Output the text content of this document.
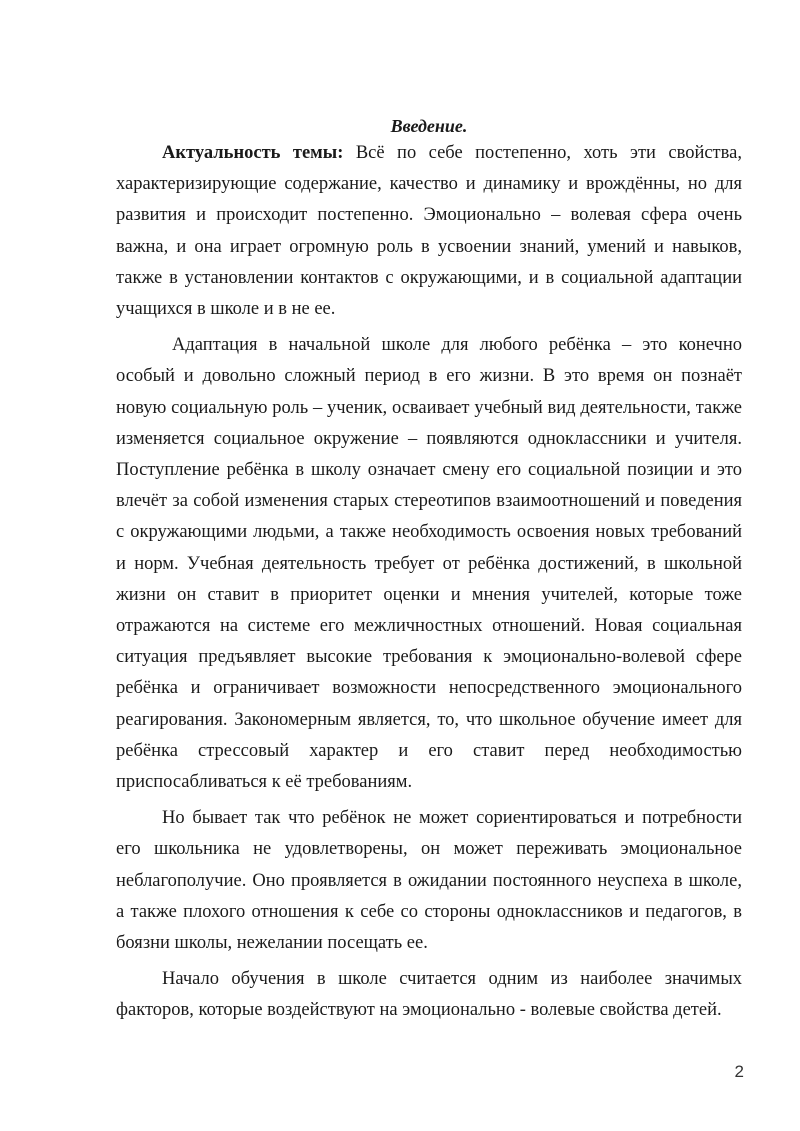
Введение.

Актуальность темы: Всё по себе постепенно, хоть эти свойства, характеризирующие содержание, качество и динамику и врождённы, но для развития и происходит постепенно. Эмоционально – волевая сфера очень важна, и она играет огромную роль в усвоении знаний, умений и навыков, также в установлении контактов с окружающими, и в социальной адаптации учащихся в школе и в не ее.

Адаптация в начальной школе для любого ребёнка – это конечно особый и довольно сложный период в его жизни. В это время он познаёт новую социальную роль – ученик, осваивает учебный вид деятельности, также изменяется социальное окружение – появляются одноклассники и учителя. Поступление ребёнка в школу означает смену его социальной позиции и это влечёт за собой изменения старых стереотипов взаимоотношений и поведения с окружающими людьми, а также необходимость освоения новых требований и норм. Учебная деятельность требует от ребёнка достижений, в школьной жизни он ставит в приоритет оценки и мнения учителей, которые тоже отражаются на системе его межличностных отношений. Новая социальная ситуация предъявляет высокие требования к эмоционально-волевой сфере ребёнка и ограничивает возможности непосредственного эмоционального реагирования. Закономерным является, то, что школьное обучение имеет для ребёнка стрессовый характер и его ставит перед необходимостью приспосабливаться к её требованиям.

Но бывает так что ребёнок не может сориентироваться и потребности его школьника не удовлетворены, он может переживать эмоциональное неблагополучие. Оно проявляется в ожидании постоянного неуспеха в школе, а также плохого отношения к себе со стороны одноклассников и педагогов, в боязни школы, нежелании посещать ее.

Начало обучения в школе считается одним из наиболее значимых факторов, которые воздействуют на эмоционально - волевые свойства детей.

2
